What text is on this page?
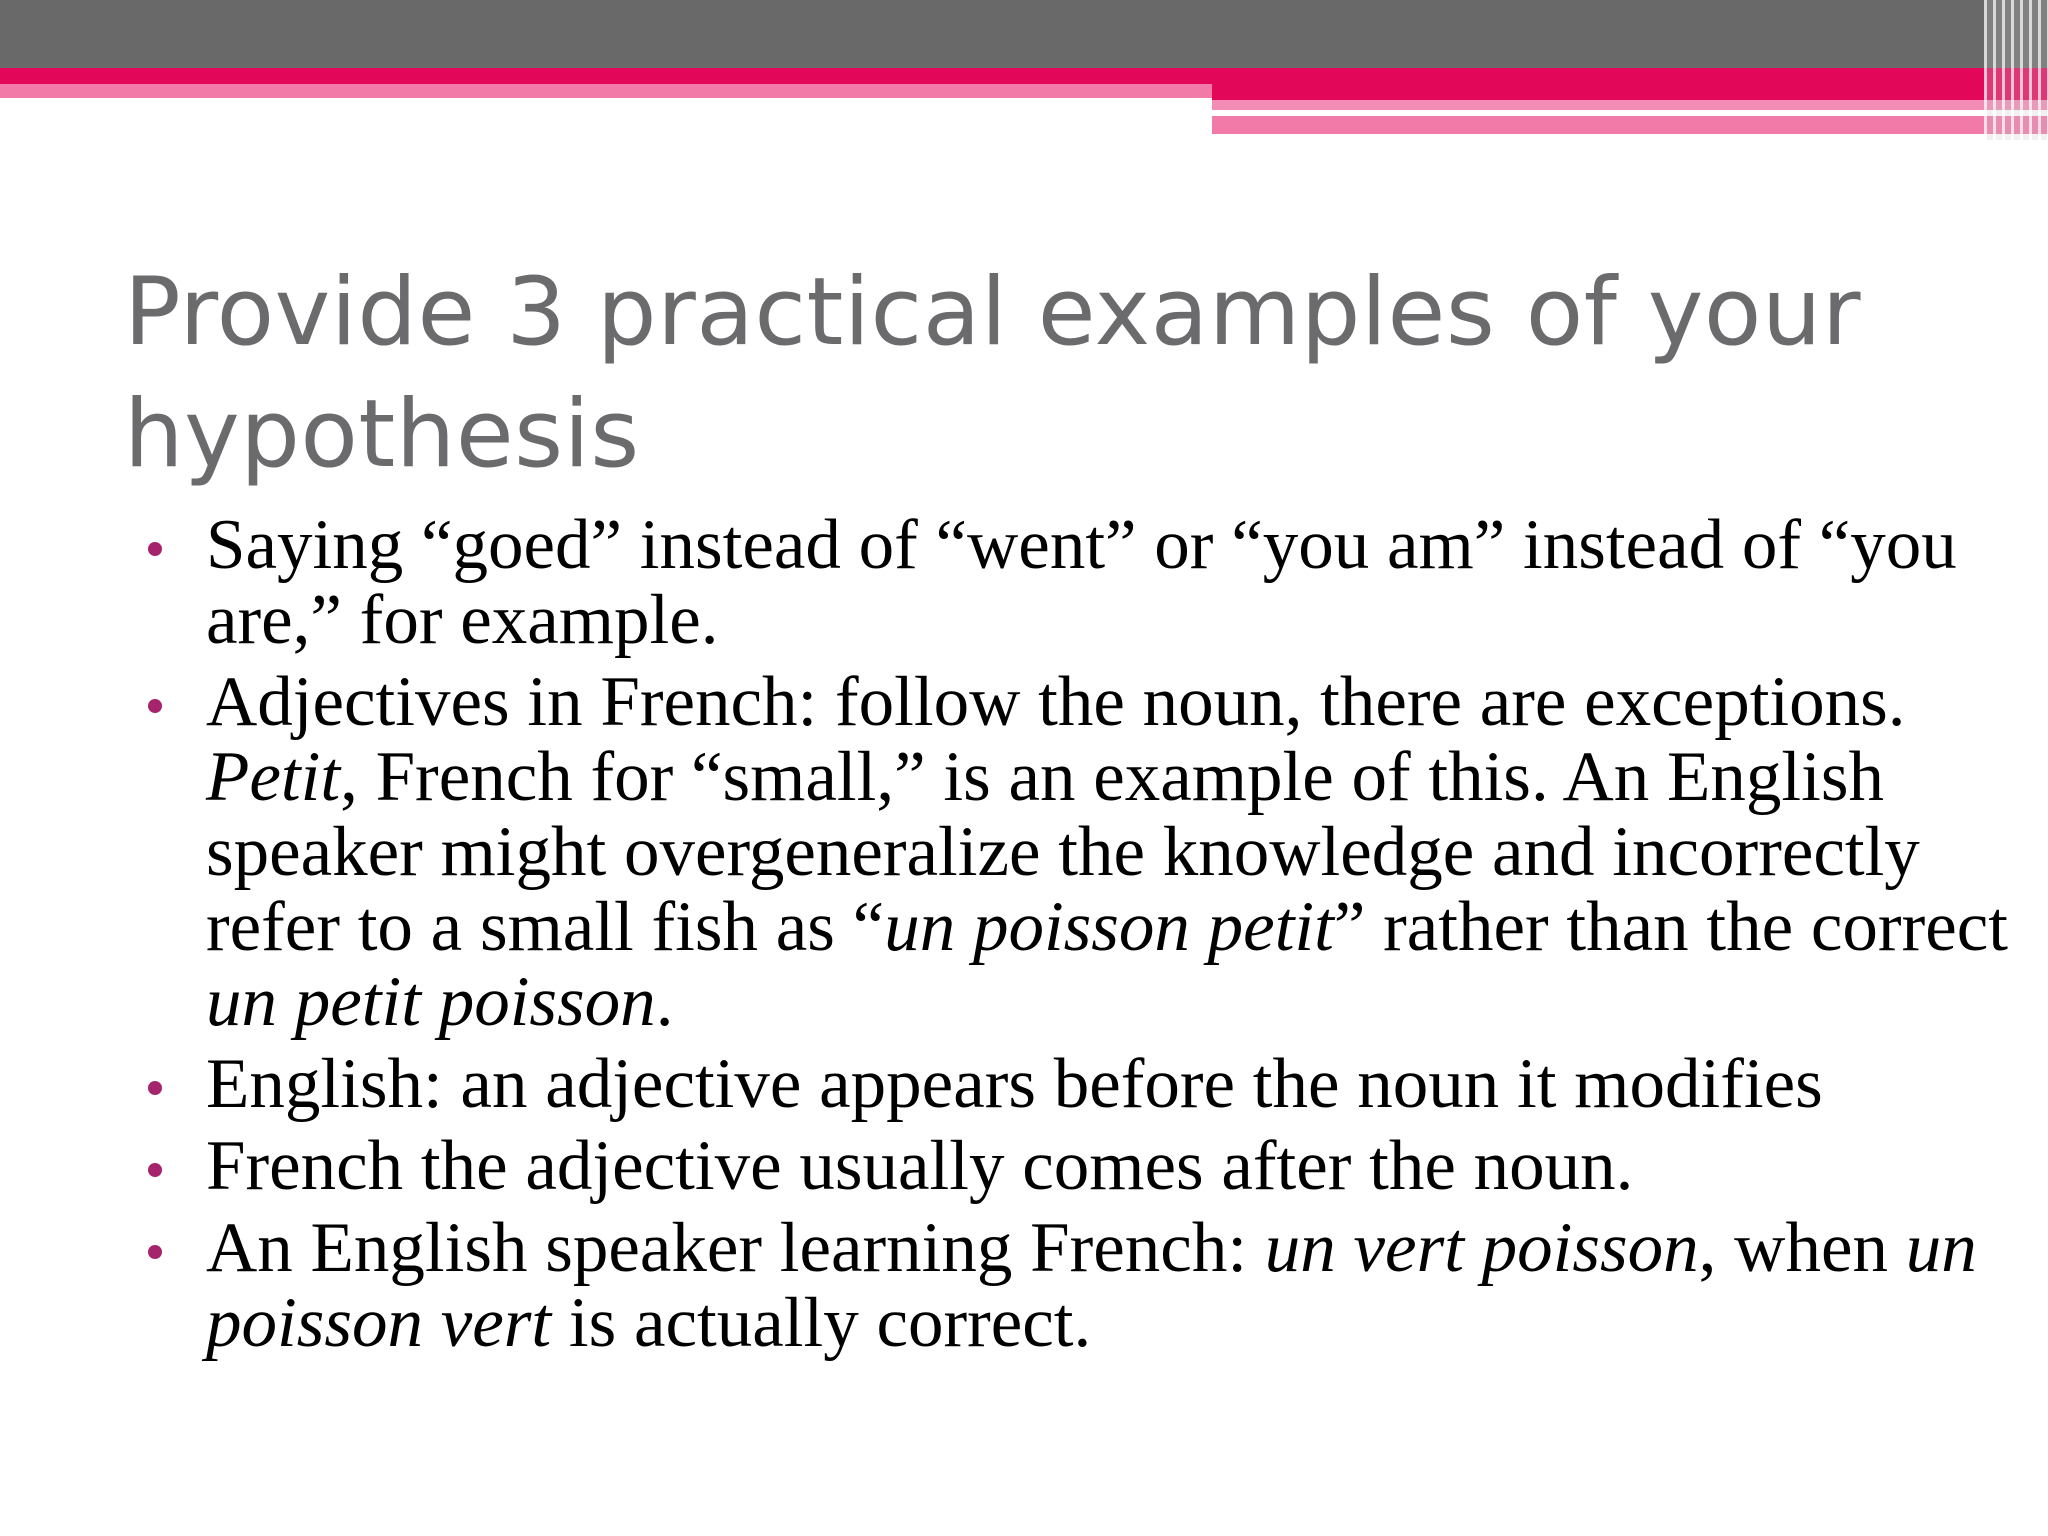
Provide 3 practical examples of your hypothesis
Saying “goed” instead of “went” or “you am” instead of “you are,” for example.
Adjectives in French: follow the noun, there are exceptions. Petit, French for “small,” is an example of this. An English speaker might overgeneralize the knowledge and incorrectly refer to a small fish as “un poisson petit” rather than the correct un petit poisson.
English: an adjective appears before the noun it modifies
French the adjective usually comes after the noun.
An English speaker learning French: un vert poisson, when un poisson vert is actually correct.
